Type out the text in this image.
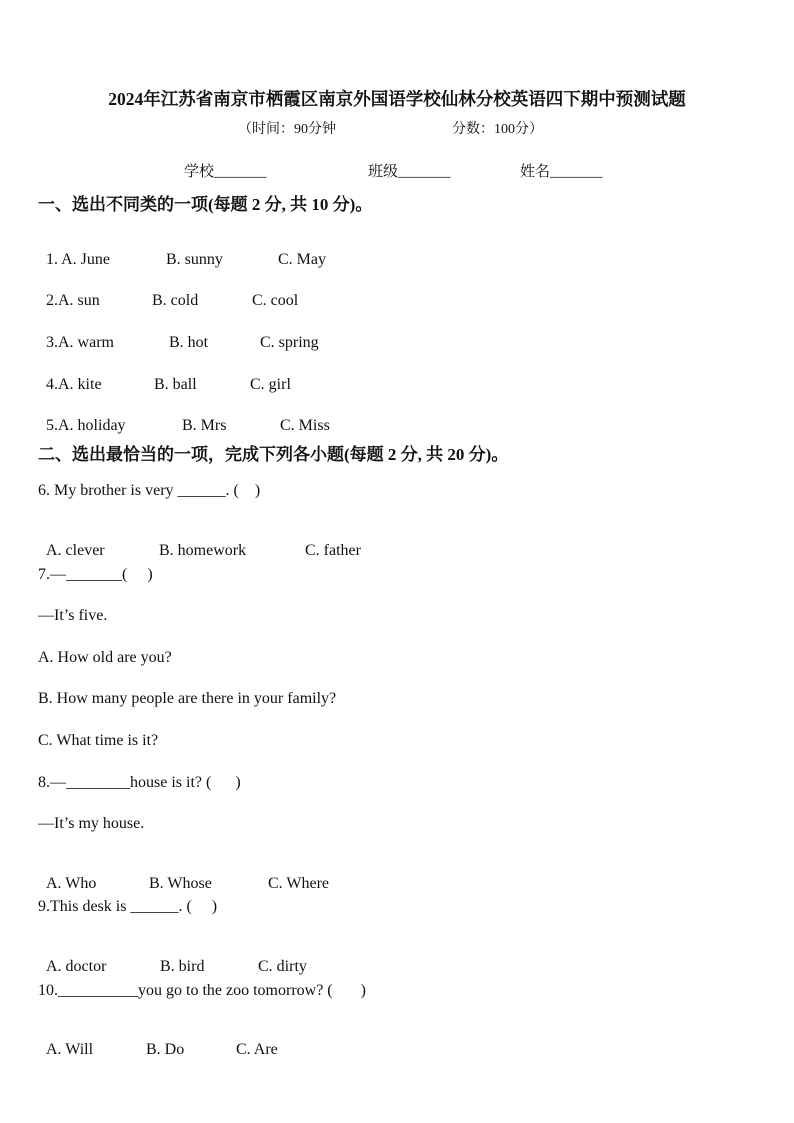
2024年江苏省南京市栖霞区南京外国语学校仙林分校英语四下期中预测试题
（时间：90分钟	分数：100分）
学校_______	班级_______	姓名_______
一、选出不同类的一项(每题 2 分, 共 10 分)。

1. A. June	B. sunny	C. May

2.A. sun	B. cold	C. cool

3.A. warm	B. hot	C. spring

4.A. kite	B. ball	C. girl

5.A. holiday	B. Mrs	C. Miss

二、选出最恰当的一项，完成下列各小题(每题 2 分, 共 20 分)。
6. My brother is very ______. (    )

A. clever	B. homework	C. father

7.—_______(     )
—It’s five.
A. How old are you?
B. How many people are there in your family?
C. What time is it?
8.—________house is it? (      )
—It’s my house.

A. Who	B. Whose	C. Where

9.This desk is ______. (     )

A. doctor	B. bird	C. dirty

10.__________you go to the zoo tomorrow? (       )

A. Will	B. Do	C. Are
